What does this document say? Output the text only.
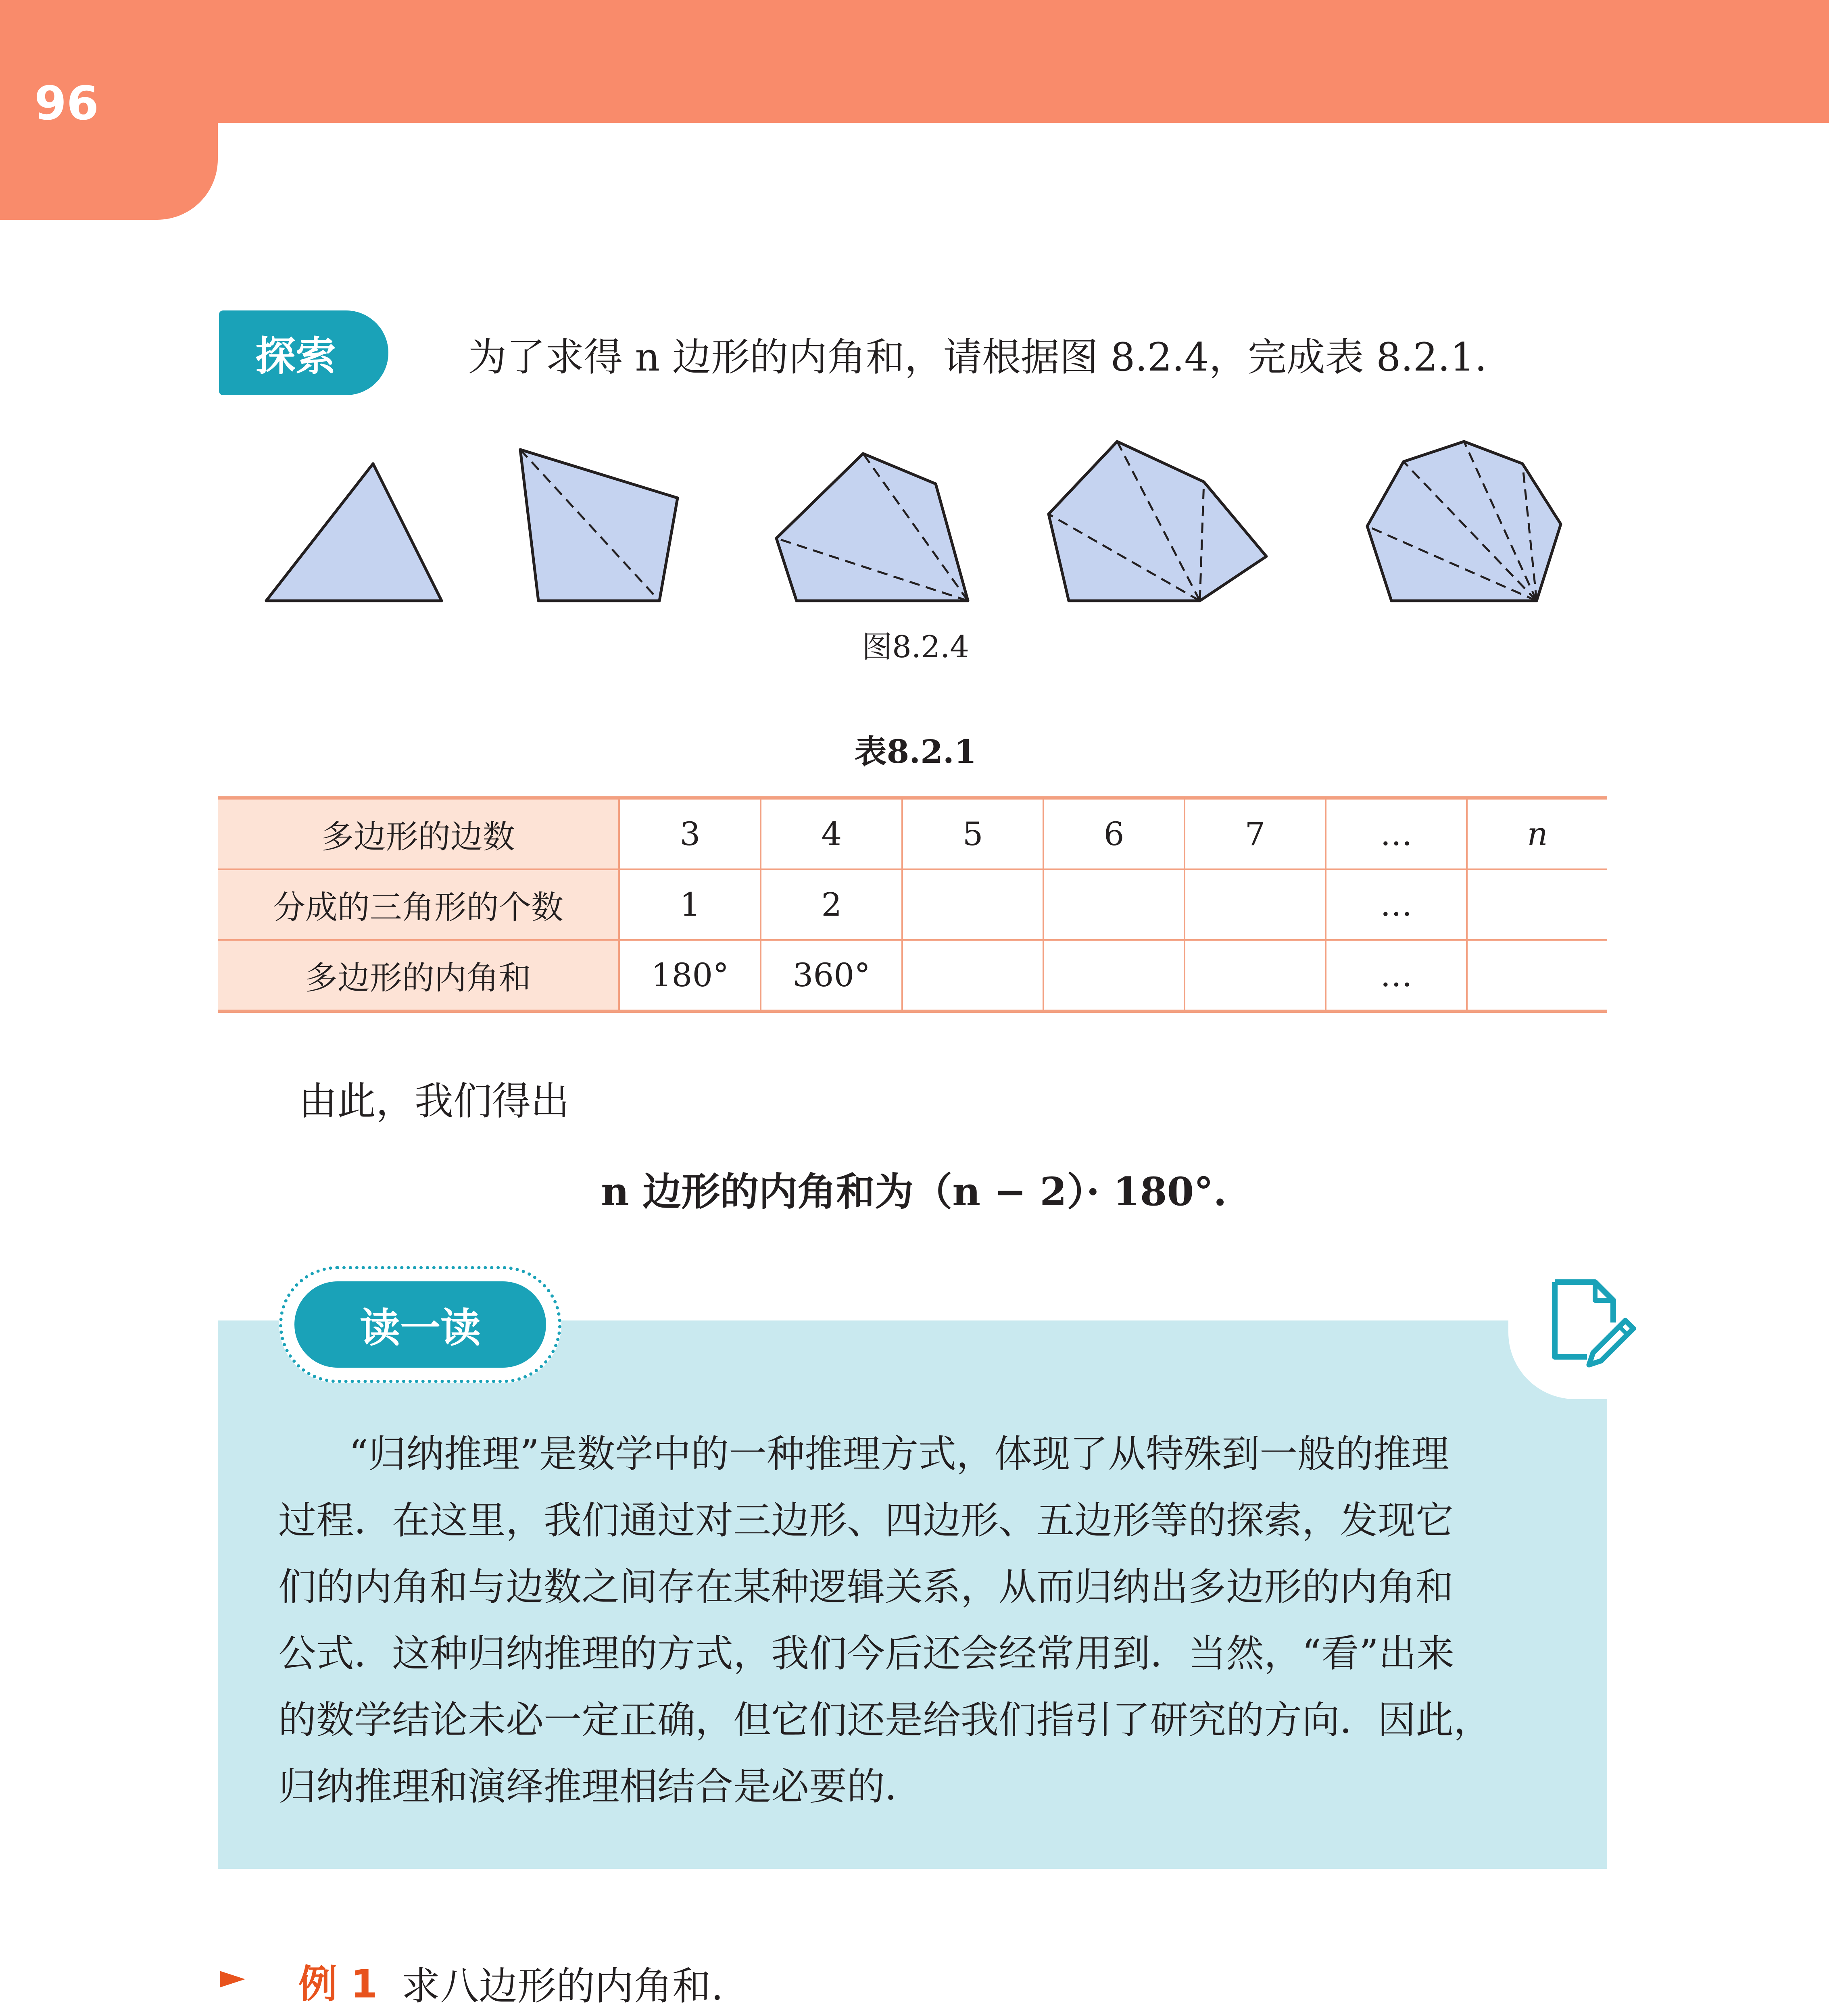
96
探索	为了求得 n 边形的内角和，请根据图 8.2.4，完成表 8.2.1.
图8.2.4
表8.2.1
多边形的边数	3	4	5	6	7	…	n
分成的三角形的个数	1	2				…	
多边形的内角和	180°	360°				…	
由此，我们得出
n 边形的内角和为（n − 2）· 180°.
读一读
“归纳推理”是数学中的一种推理方式，体现了从特殊到一般的推理
过程．在这里，我们通过对三边形、四边形、五边形等的探索，发现它
们的内角和与边数之间存在某种逻辑关系，从而归纳出多边形的内角和
公式．这种归纳推理的方式，我们今后还会经常用到．当然，“看”出来
的数学结论未必一定正确，但它们还是给我们指引了研究的方向．因此，
归纳推理和演绎推理相结合是必要的．
► 例 1 求八边形的内角和.
